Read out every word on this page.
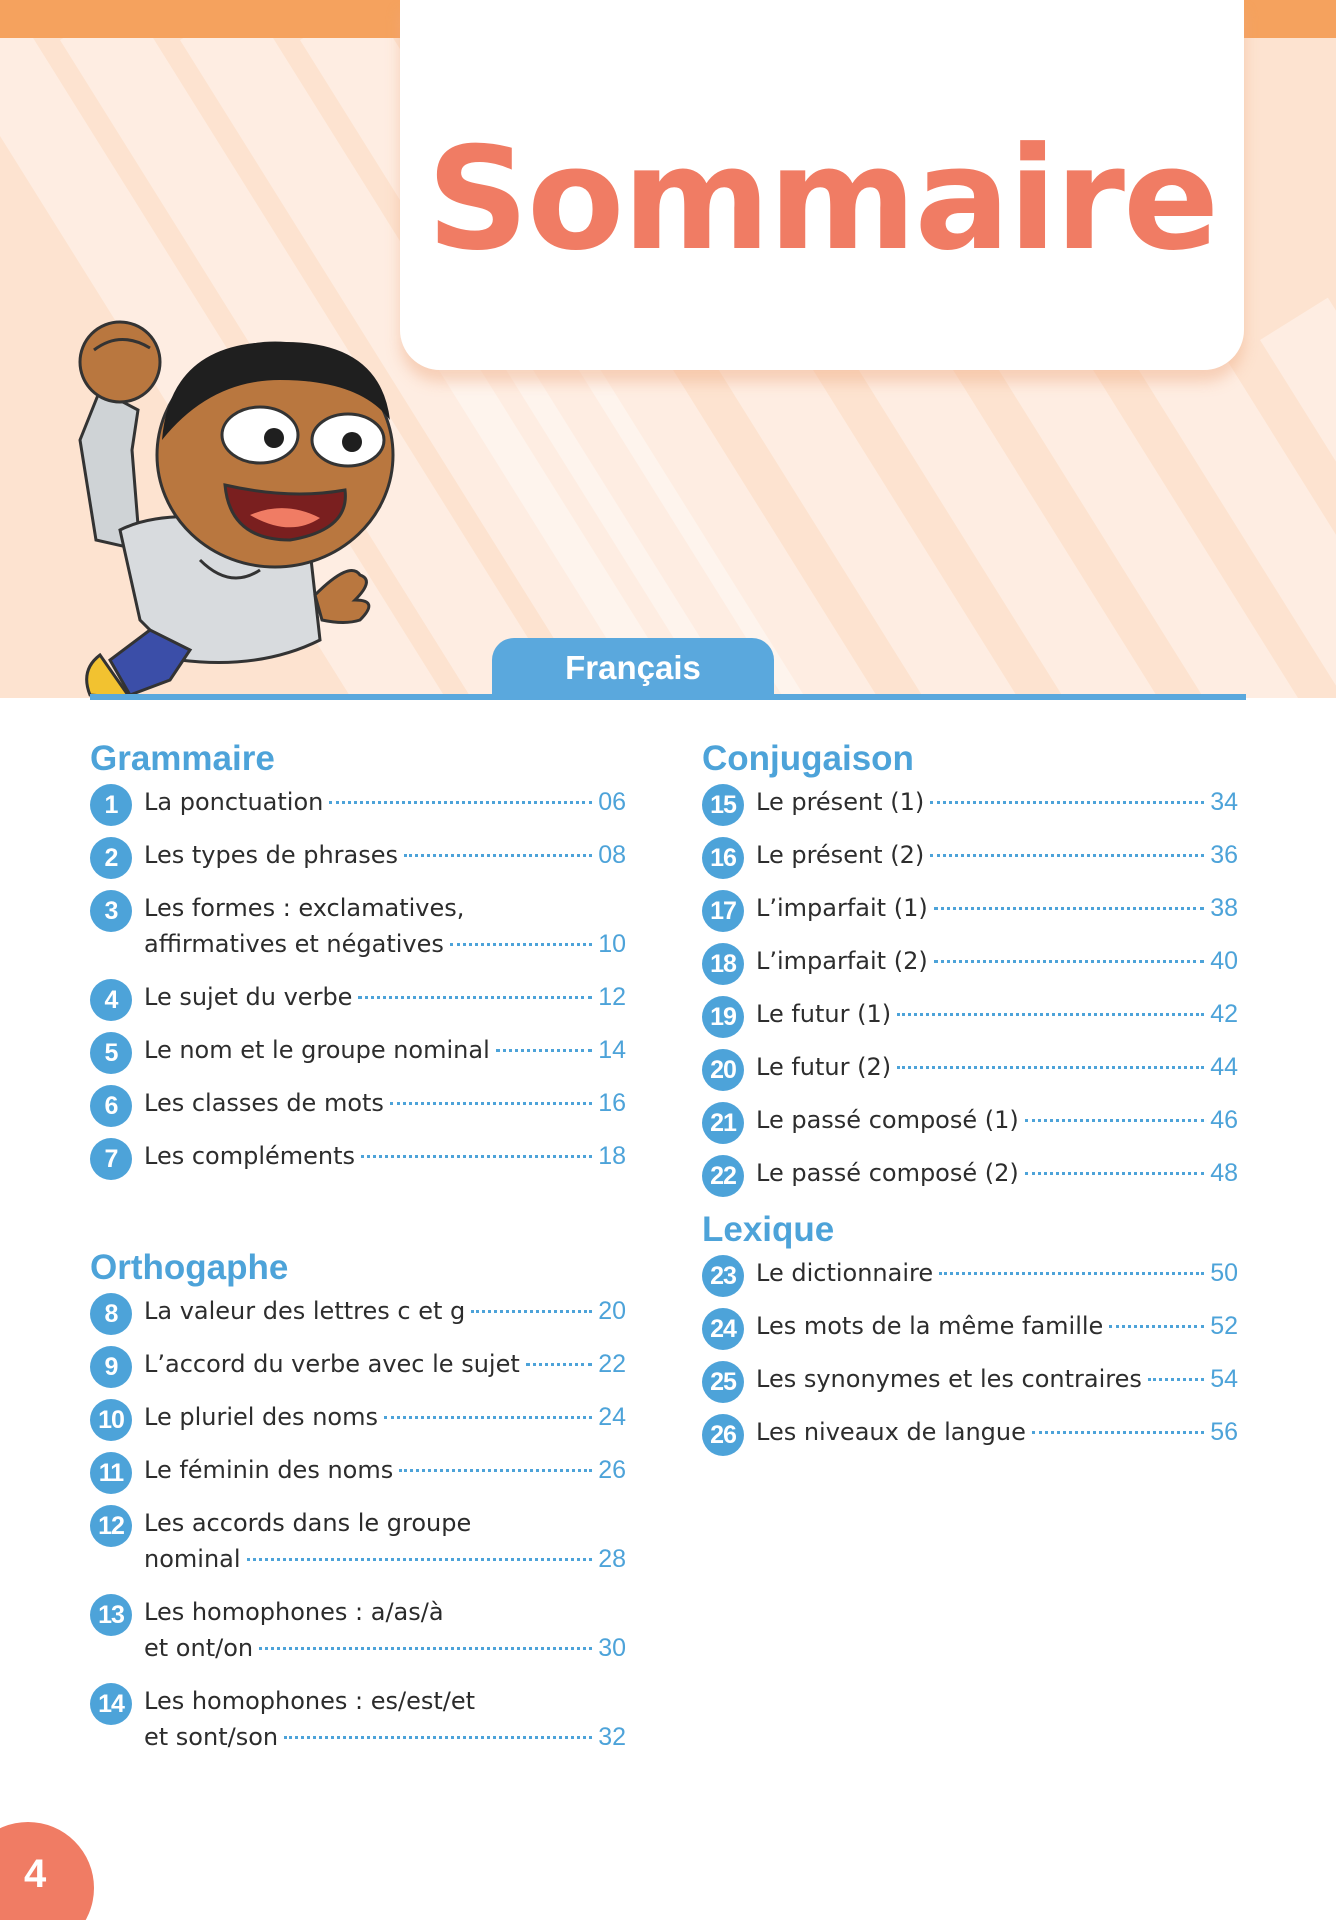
Sommaire
Français
Grammaire
1	La ponctuation	06
2	Les types de phrases	08
3	Les formes : exclamatives,
affirmatives et négatives	10
4	Le sujet du verbe	12
5	Le nom et le groupe nominal	14
6	Les classes de mots	16
7	Les compléments	18
Orthogaphe
8	La valeur des lettres c et g	20
9	L’accord du verbe avec le sujet	22
10 Le pluriel des noms	24
11 Le féminin des noms	26
12 Les accords dans le groupe
nominal	28
13 Les homophones : a/as/à
et ont/on	30
14 Les homophones : es/est/et
et sont/son	32
Conjugaison
15 Le présent (1)	34
16 Le présent (2)	36
17 L’imparfait (1)	38
18 L’imparfait (2)	40
19 Le futur (1)	42
20 Le futur (2)	44
21 Le passé composé (1)	46
22 Le passé composé (2)	48
Lexique
23 Le dictionnaire	50
24 Les mots de la même famille	52
25 Les synonymes et les contraires	54
26 Les niveaux de langue	56
4
